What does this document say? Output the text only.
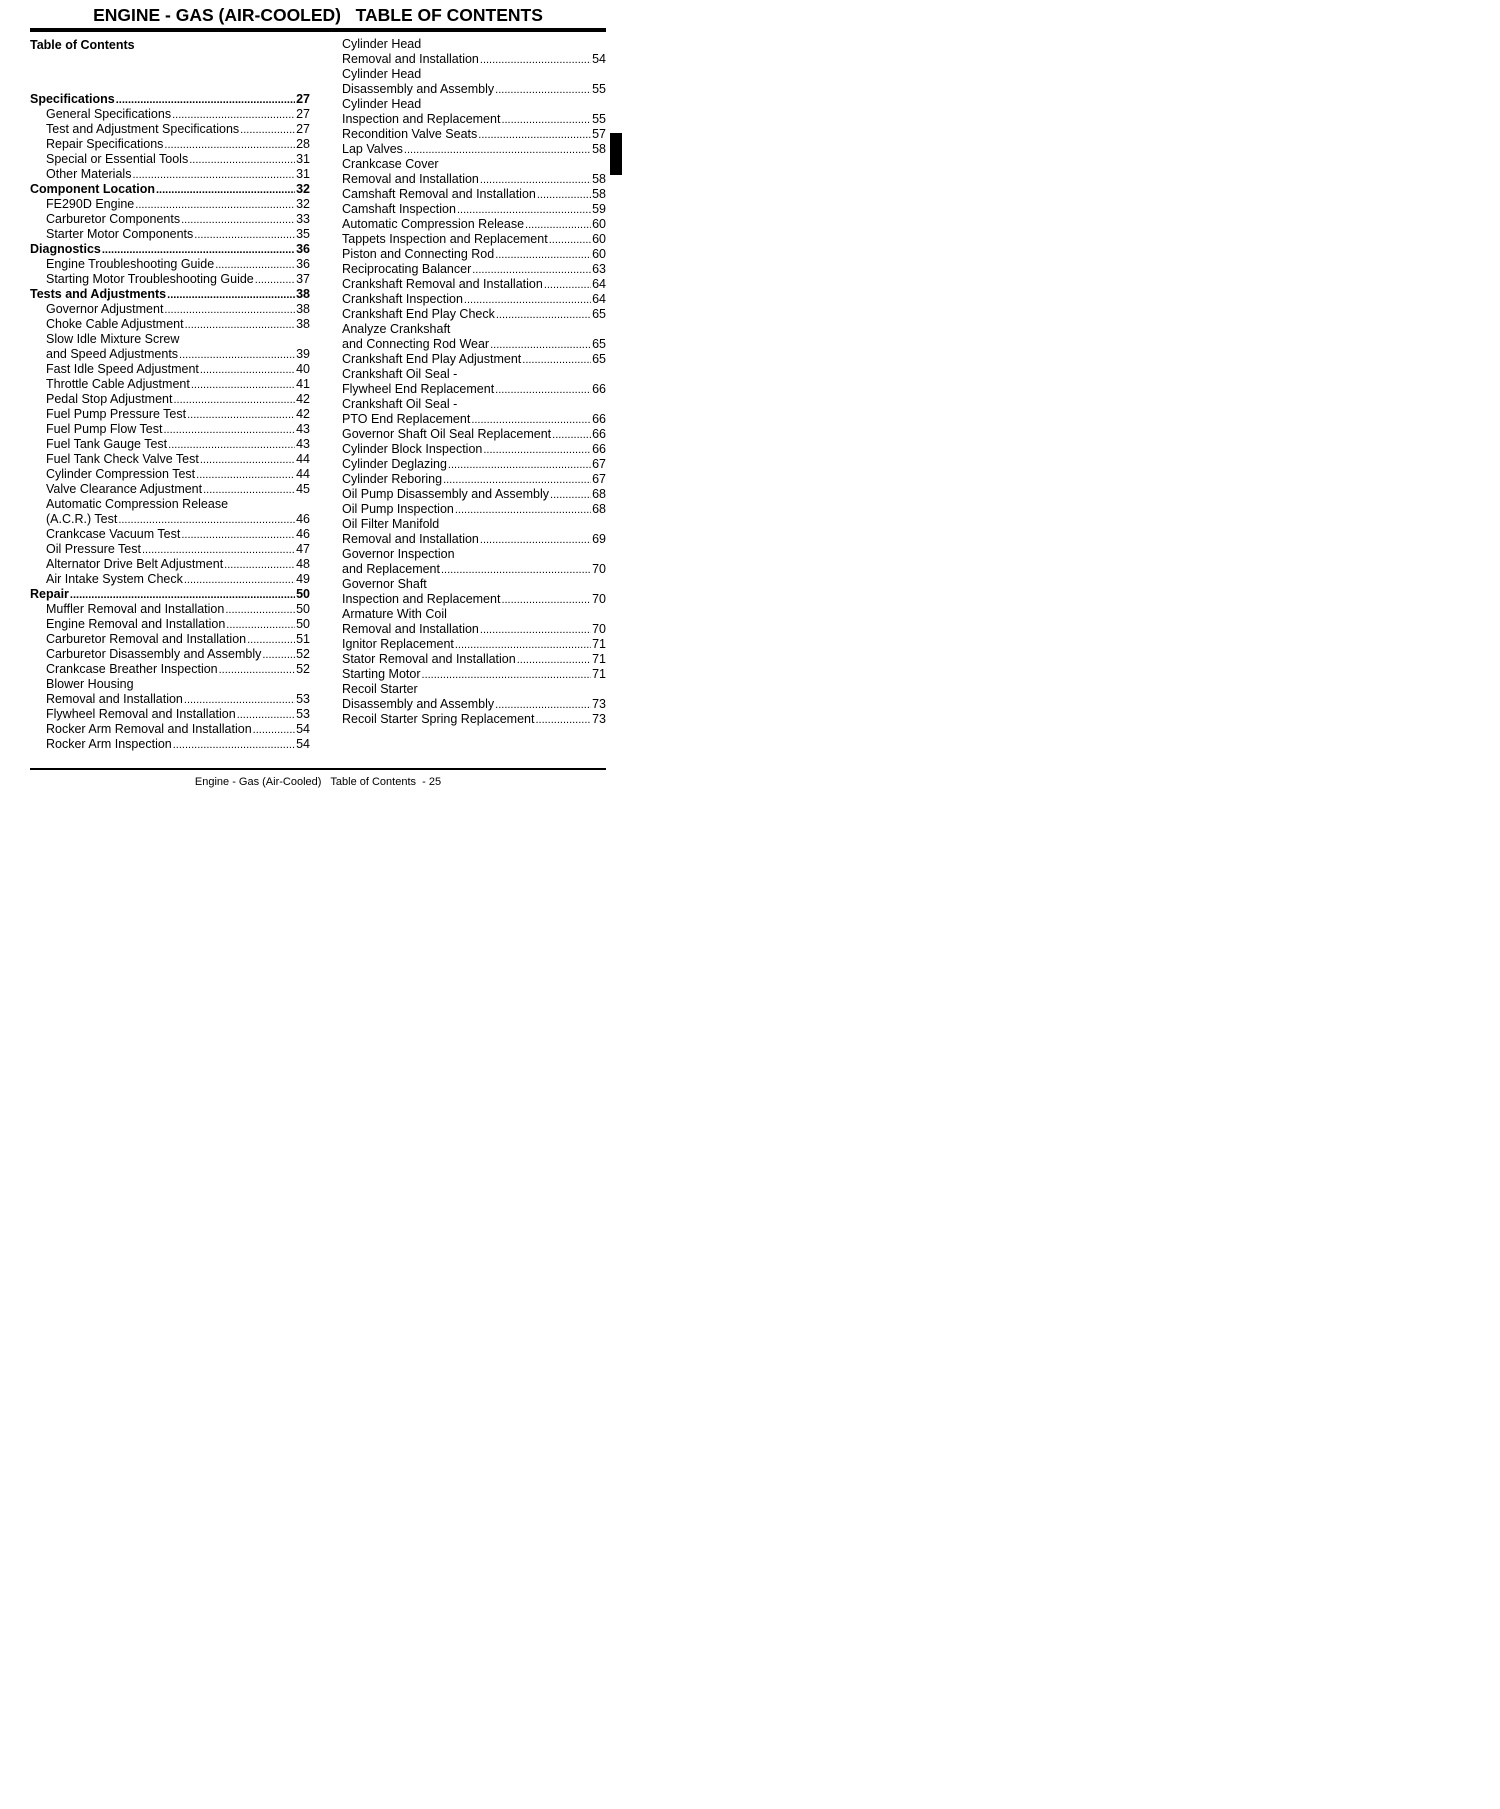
ENGINE - GAS (AIR-COOLED)   TABLE OF CONTENTS
Table of Contents
Specifications .....	27
General Specifications .....	27
Test and Adjustment Specifications .....	27
Repair Specifications .....	28
Special or Essential Tools .....	31
Other Materials .....	31
Component Location .....	32
FE290D Engine .....	32
Carburetor Components .....	33
Starter Motor Components .....	35
Diagnostics .....	36
Engine Troubleshooting Guide .....	36
Starting Motor Troubleshooting Guide .....	37
Tests and Adjustments .....	38
Governor Adjustment .....	38
Choke Cable Adjustment .....	38
Slow Idle Mixture Screw
and Speed Adjustments .....	39
Fast Idle Speed Adjustment .....	40
Throttle Cable Adjustment .....	41
Pedal Stop Adjustment .....	42
Fuel Pump Pressure Test .....	42
Fuel Pump Flow Test .....	43
Fuel Tank Gauge Test .....	43
Fuel Tank Check Valve Test .....	44
Cylinder Compression Test .....	44
Valve Clearance Adjustment .....	45
Automatic Compression Release
(A.C.R.) Test .....	46
Crankcase Vacuum Test .....	46
Oil Pressure Test .....	47
Alternator Drive Belt Adjustment .....	48
Air Intake System Check .....	49
Repair .....	50
Muffler Removal and Installation .....	50
Engine Removal and Installation .....	50
Carburetor Removal and Installation .....	51
Carburetor Disassembly and Assembly .....	52
Crankcase Breather Inspection .....	52
Blower Housing
Removal and Installation .....	53
Flywheel Removal and Installation .....	53
Rocker Arm Removal and Installation .....	54
Rocker Arm Inspection .....	54
Cylinder Head
Removal and Installation .....	54
Cylinder Head
Disassembly and Assembly .....	55
Cylinder Head
Inspection and Replacement .....	55
Recondition Valve Seats .....	57
Lap Valves .....	58
Crankcase Cover
Removal and Installation .....	58
Camshaft Removal and Installation .....	58
Camshaft Inspection .....	59
Automatic Compression Release .....	60
Tappets Inspection and Replacement .....	60
Piston and Connecting Rod .....	60
Reciprocating Balancer .....	63
Crankshaft Removal and Installation .....	64
Crankshaft Inspection .....	64
Crankshaft End Play Check .....	65
Analyze Crankshaft
and Connecting Rod Wear .....	65
Crankshaft End Play Adjustment .....	65
Crankshaft Oil Seal -
Flywheel End Replacement .....	66
Crankshaft Oil Seal -
PTO End Replacement .....	66
Governor Shaft Oil Seal Replacement .....	66
Cylinder Block Inspection .....	66
Cylinder Deglazing .....	67
Cylinder Reboring .....	67
Oil Pump Disassembly and Assembly .....	68
Oil Pump Inspection .....	68
Oil Filter Manifold
Removal and Installation .....	69
Governor Inspection
and Replacement .....	70
Governor Shaft
Inspection and Replacement .....	70
Armature With Coil
Removal and Installation .....	70
Ignitor Replacement .....	71
Stator Removal and Installation .....	71
Starting Motor .....	71
Recoil Starter
Disassembly and Assembly .....	73
Recoil Starter Spring Replacement .....	73
Engine - Gas (Air-Cooled)   Table of Contents  - 25
